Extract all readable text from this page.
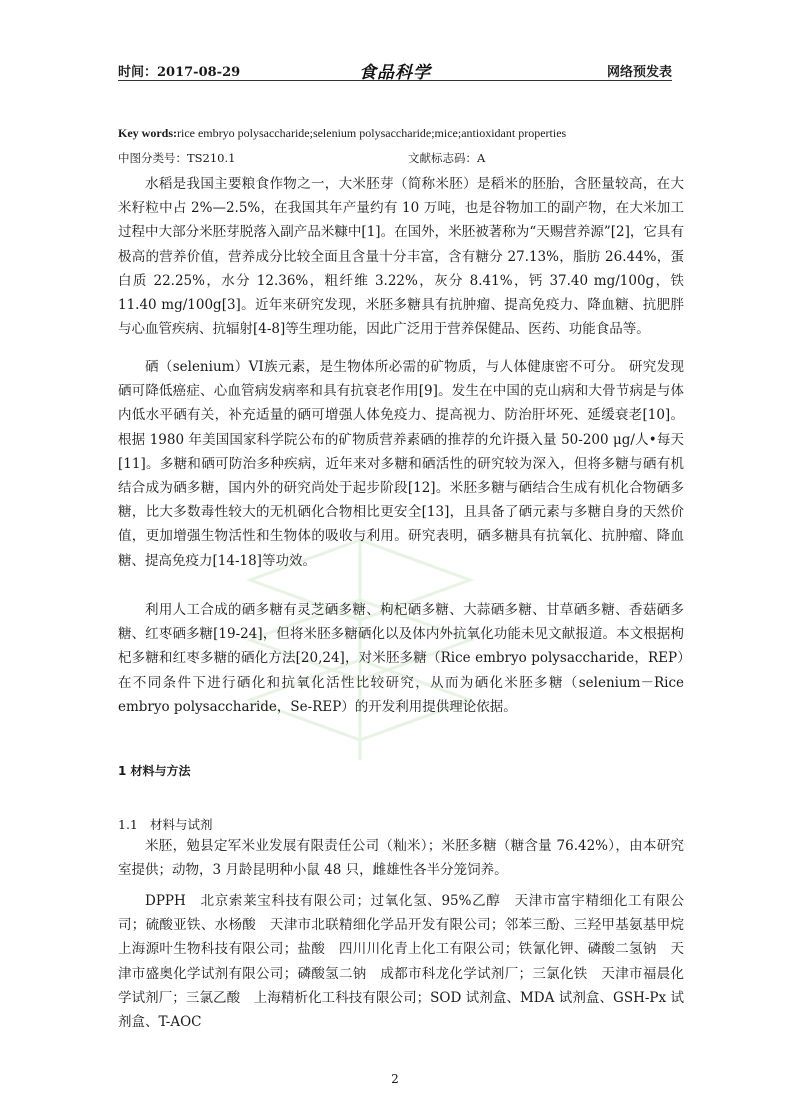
时间：2017-08-29	食品科学	网络预发表
Key words:rice embryo polysaccharide;selenium polysaccharide;mice;antioxidant properties
中图分类号：TS210.1	文献标志码：A

水稻是我国主要粮食作物之一，大米胚芽（简称米胚）是稻米的胚胎，含胚量较高，在大米籽粒中占 2%—2.5%，在我国其年产量约有 10 万吨，也是谷物加工的副产物，在大米加工过程中大部分米胚芽脱落入副产品米糠中[1]。在国外，米胚被著称为“天赐营养源”[2]，它具有极高的营养价值，营养成分比较全面且含量十分丰富，含有糖分 27.13%，脂肪 26.44%，蛋白质 22.25%，水分 12.36%，粗纤维 3.22%，灰分 8.41%，钙 37.40 mg/100g，铁 11.40 mg/100g[3]。近年来研究发现，米胚多糖具有抗肿瘤、提高免疫力、降血糖、抗肥胖与心血管疾病、抗辐射[4-8]等生理功能，因此广泛用于营养保健品、医药、功能食品等。

硒（selenium）VI族元素，是生物体所必需的矿物质，与人体健康密不可分。 研究发现硒可降低癌症、心血管病发病率和具有抗衰老作用[9]。发生在中国的克山病和大骨节病是与体内低水平硒有关，补充适量的硒可增强人体免疫力、提高视力、防治肝坏死、延缓衰老[10]。根据 1980 年美国国家科学院公布的矿物质营养素硒的推荐的允许摄入量 50-200 μg/人•每天[11]。多糖和硒可防治多种疾病，近年来对多糖和硒活性的研究较为深入，但将多糖与硒有机结合成为硒多糖，国内外的研究尚处于起步阶段[12]。米胚多糖与硒结合生成有机化合物硒多糖，比大多数毒性较大的无机硒化合物相比更安全[13]，且具备了硒元素与多糖自身的天然价值，更加增强生物活性和生物体的吸收与利用。研究表明，硒多糖具有抗氧化、抗肿瘤、降血糖、提高免疫力[14-18]等功效。

利用人工合成的硒多糖有灵芝硒多糖、枸杞硒多糖、大蒜硒多糖、甘草硒多糖、香菇硒多糖、红枣硒多糖[19-24]，但将米胚多糖硒化以及体内外抗氧化功能未见文献报道。本文根据枸杞多糖和红枣多糖的硒化方法[20,24]，对米胚多糖（Rice embryo polysaccharide，REP）在不同条件下进行硒化和抗氧化活性比较研究，从而为硒化米胚多糖（selenium－Rice embryo polysaccharide，Se-REP）的开发利用提供理论依据。

1 材料与方法
1.1 材料与试剂

米胚，勉县定军米业发展有限责任公司（籼米）；米胚多糖（糖含量 76.42%），由本研究室提供；动物，3 月龄昆明种小鼠 48 只，雌雄性各半分笼饲养。

DPPH　北京索莱宝科技有限公司；过氧化氢、95%乙醇　天津市富宇精细化工有限公司；硫酸亚铁、水杨酸　天津市北联精细化学品开发有限公司；邻苯三酚、三羟甲基氨基甲烷　上海源叶生物科技有限公司；盐酸　四川川化青上化工有限公司；铁氰化钾、磷酸二氢钠　天津市盛奥化学试剂有限公司；磷酸氢二钠　成都市科龙化学试剂厂；三氯化铁　天津市福晨化学试剂厂；三氯乙酸　上海精析化工科技有限公司；SOD 试剂盒、MDA 试剂盒、GSH-Px 试剂盒、T-AOC

2
